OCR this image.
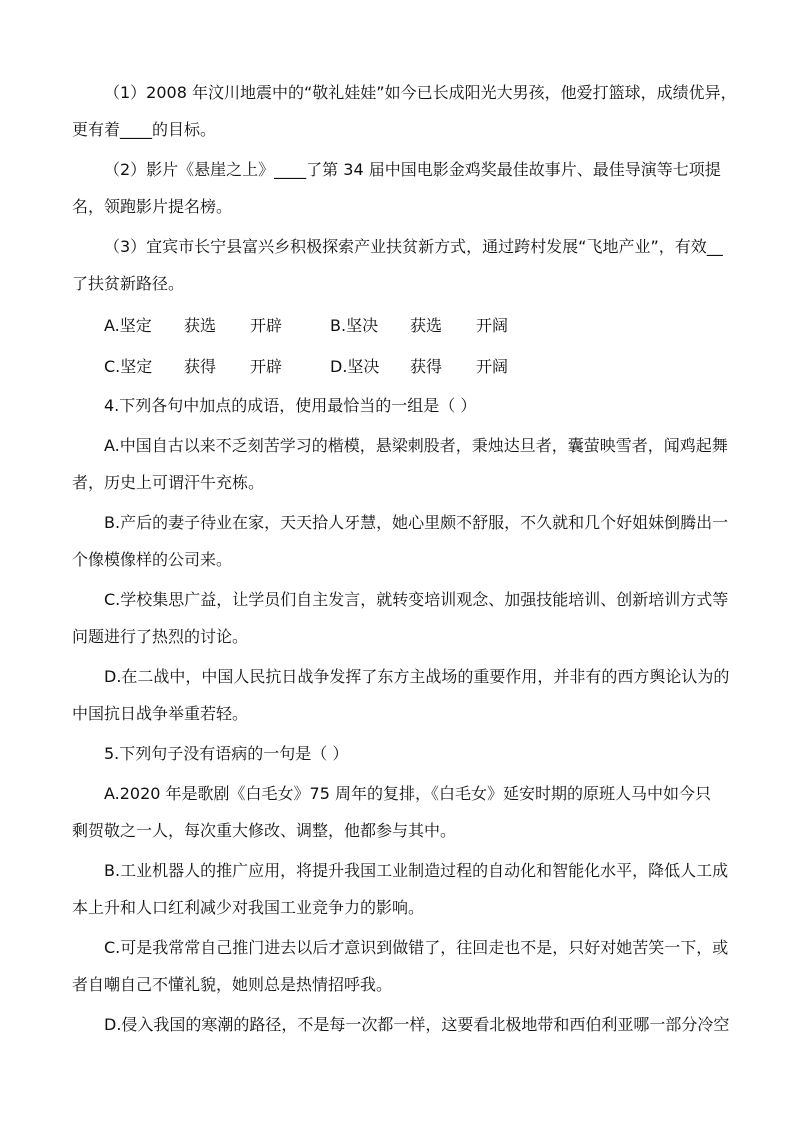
（1）2008 年汶川地震中的“敬礼娃娃”如今已长成阳光大男孩，他爱打篮球，成绩优异，
更有着____的目标。
（2）影片《悬崖之上》____了第 34 届中国电影金鸡奖最佳故事片、最佳导演等七项提
名，领跑影片提名榜。
（3）宜宾市长宁县富兴乡积极探索产业扶贫新方式，通过跨村发展“飞地产业”，有效__
了扶贫新路径。
A.坚定	获选	开辟	B.坚决	获选	开阔
C.坚定	获得	开辟	D.坚决	获得	开阔
4.下列各句中加点的成语，使用最恰当的一组是（ ）
A.中国自古以来不乏刻苦学习的楷模，悬梁刺股者，秉烛达旦者，囊萤映雪者，闻鸡起舞
者，历史上可谓汗牛充栋。
B.产后的妻子待业在家，天天拾人牙慧，她心里颇不舒服，不久就和几个好姐妹倒腾出一
个像模像样的公司来。
C.学校集思广益，让学员们自主发言，就转变培训观念、加强技能培训、创新培训方式等
问题进行了热烈的讨论。
D.在二战中，中国人民抗日战争发挥了东方主战场的重要作用，并非有的西方舆论认为的
中国抗日战争举重若轻。
5.下列句子没有语病的一句是（ ）
A.2020 年是歌剧《白毛女》75 周年的复排，《白毛女》延安时期的原班人马中如今只
剩贺敬之一人，每次重大修改、调整，他都参与其中。
B.工业机器人的推广应用，将提升我国工业制造过程的自动化和智能化水平，降低人工成
本上升和人口红利减少对我国工业竞争力的影响。
C.可是我常常自己推门进去以后才意识到做错了，往回走也不是，只好对她苦笑一下，或
者自嘲自己不懂礼貌，她则总是热情招呼我。
D.侵入我国的寒潮的路径，不是每一次都一样，这要看北极地带和西伯利亚哪一部分冷空
